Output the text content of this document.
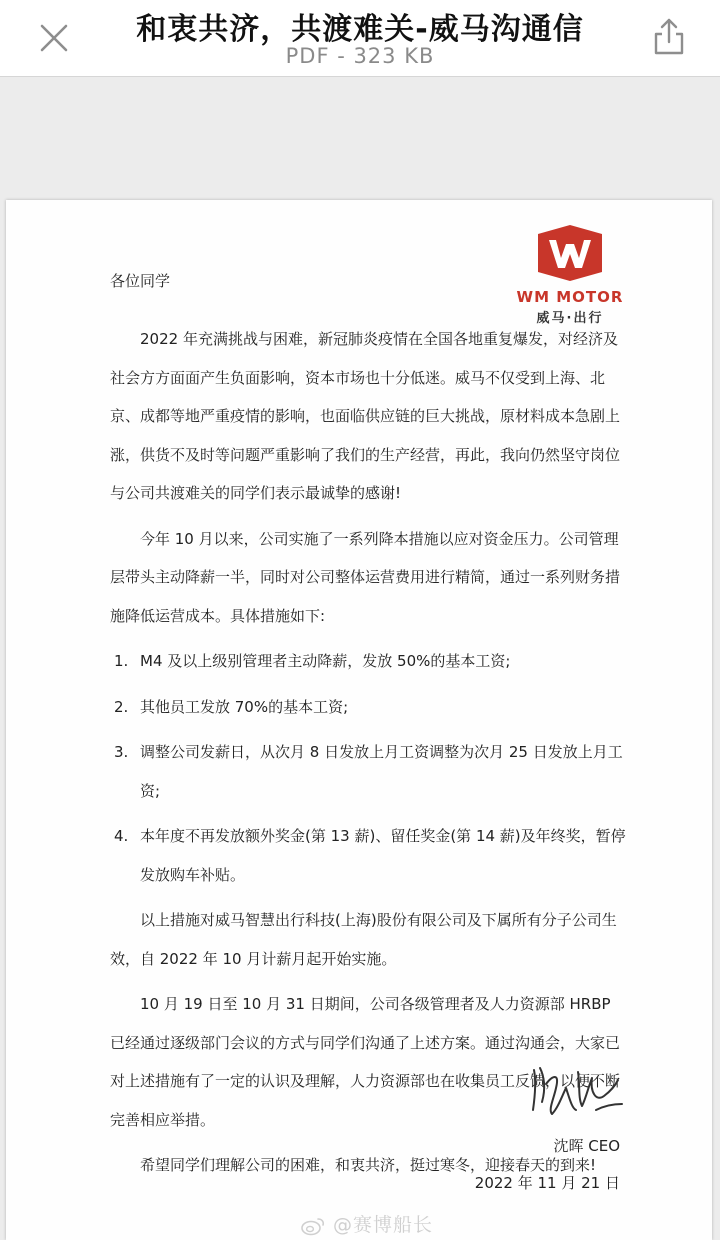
和衷共济，共渡难关-威马沟通信
PDF - 323 KB
WM MOTOR
威马·出行
各位同学

2022 年充满挑战与困难，新冠肺炎疫情在全国各地重复爆发，对经济及社会方方面面产生负面影响，资本市场也十分低迷。威马不仅受到上海、北京、成都等地严重疫情的影响，也面临供应链的巨大挑战，原材料成本急剧上涨，供货不及时等问题严重影响了我们的生产经营，再此，我向仍然坚守岗位与公司共渡难关的同学们表示最诚挚的感谢!

今年 10 月以来，公司实施了一系列降本措施以应对资金压力。公司管理层带头主动降薪一半，同时对公司整体运营费用进行精简，通过一系列财务措施降低运营成本。具体措施如下:

1. M4 及以上级别管理者主动降薪，发放 50%的基本工资;
2. 其他员工发放 70%的基本工资;
3. 调整公司发薪日，从次月 8 日发放上月工资调整为次月 25 日发放上月工资;
4. 本年度不再发放额外奖金(第 13 薪)、留任奖金(第 14 薪)及年终奖，暂停发放购车补贴。

以上措施对威马智慧出行科技(上海)股份有限公司及下属所有分子公司生效，自 2022 年 10 月计薪月起开始实施。

10 月 19 日至 10 月 31 日期间，公司各级管理者及人力资源部 HRBP 已经通过逐级部门会议的方式与同学们沟通了上述方案。通过沟通会，大家已对上述措施有了一定的认识及理解，人力资源部也在收集员工反馈，以便不断完善相应举措。

希望同学们理解公司的困难，和衷共济，挺过寒冬，迎接春天的到来!

沈晖 CEO
2022 年 11 月 21 日
@赛博船长
